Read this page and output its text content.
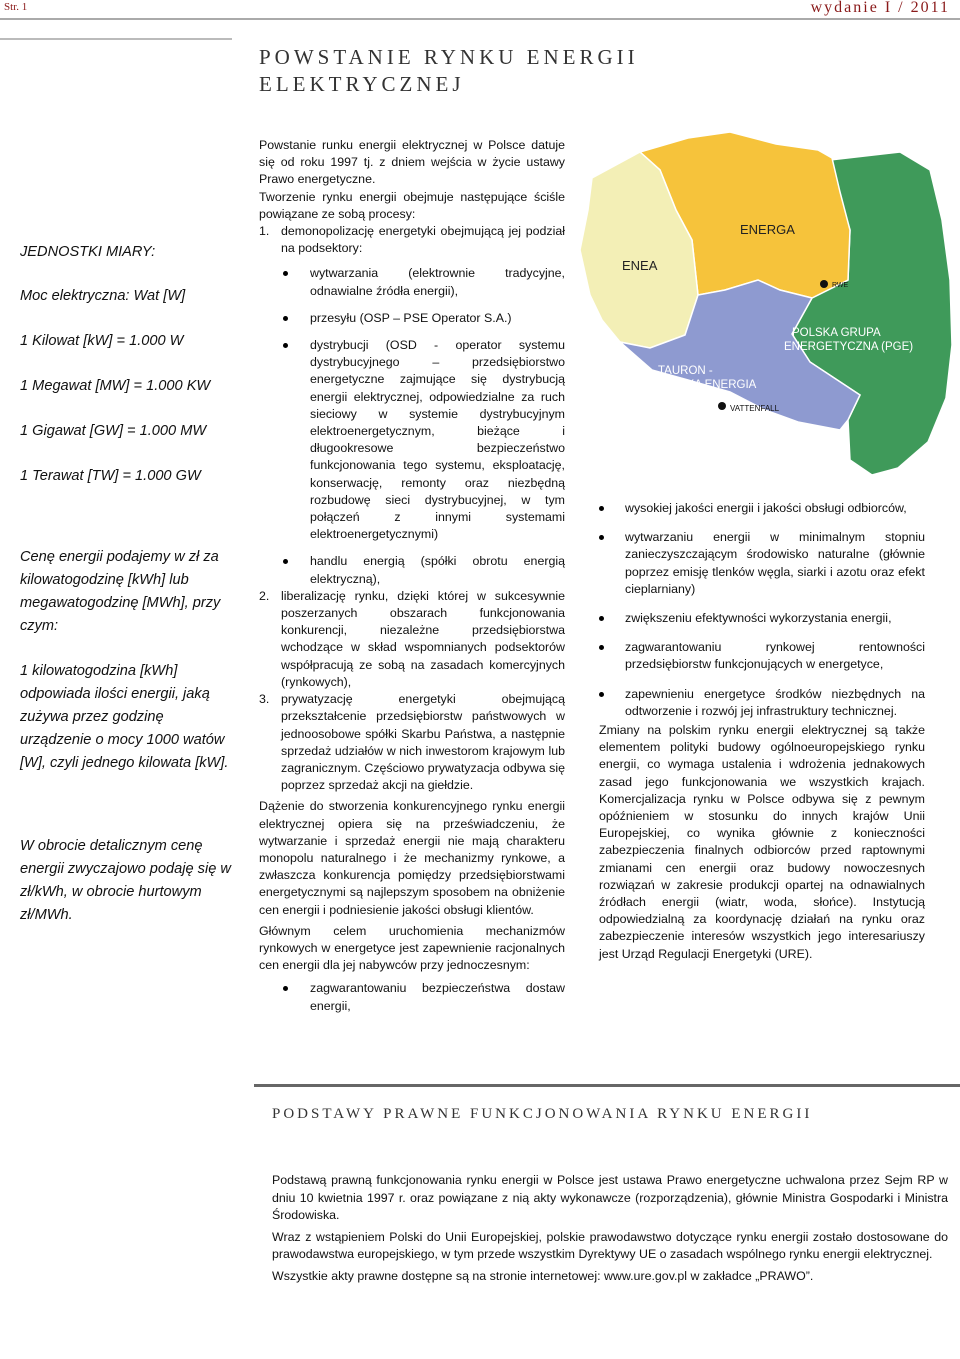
Str. 1	wydanie I / 2011
POWSTANIE RYNKU ENERGII ELEKTRYCZNEJ

JEDNOSTKI MIARY:

Moc elektryczna: Wat [W]

1 Kilowat [kW] = 1.000 W

1 Megawat [MW] = 1.000 KW

1 Gigawat [GW] = 1.000 MW

1 Terawat [TW] = 1.000 GW

Cenę energii podajemy w zł za kilowatogodzinę [kWh] lub megawatogodzinę [MWh], przy czym:

1 kilowatogodzina [kWh] odpowiada ilości energii, jaką zużywa przez godzinę urządzenie o mocy 1000 watów [W], czyli jednego kilowata [kW].

W obrocie detalicznym cenę energii zwyczajowo podaję się w zł/kWh, w obrocie hurtowym zł/MWh.

Powstanie runku energii elektrycznej w Polsce datuje się od roku 1997 tj. z dniem wejścia w życie ustawy Prawo energetyczne.

Tworzenie rynku energii obejmuje następujące ściśle powiązane ze sobą procesy:

1. demonopolizację energetyki obejmującą jej podział na podsektory:
wytwarzania (elektrownie tradycyjne, odnawialne źródła energii),
przesyłu (OSP – PSE Operator S.A.)
dystrybucji (OSD - operator systemu dystrybucyjnego – przedsiębiorstwo energetyczne zajmujące się dystrybucją energii elektrycznej, odpowiedzialne za ruch sieciowy w systemie dystrybucyjnym elektroenergetycznym, bieżące i długookresowe bezpieczeństwo funkcjonowania tego systemu, eksploatację, konserwację, remonty oraz niezbędną rozbudowę sieci dystrybucyjnej, w tym połączeń z innymi systemami elektroenergetycznymi)
handlu energią (spółki obrotu energią elektryczną),
2. liberalizację rynku, dzięki której w sukcesywnie poszerzanych obszarach funkcjonowania konkurencji, niezależne przedsiębiorstwa wchodzące w skład wspomnianych podsektorów współpracują ze sobą na zasadach komercyjnych (rynkowych),
3. prywatyzację energetyki obejmującą przekształcenie przedsiębiorstw państwowych w jednoosobowe spółki Skarbu Państwa, a następnie sprzedaż udziałów w nich inwestorom krajowym lub zagranicznym. Częściowo prywatyzacja odbywa się poprzez sprzedaż akcji na giełdzie.

Dążenie do stworzenia konkurencyjnego rynku energii elektrycznej opiera się na przeświadczeniu, że wytwarzanie i sprzedaż energii nie mają charakteru monopolu naturalnego i że mechanizmy rynkowe, a zwłaszcza konkurencja pomiędzy przedsiębiorstwami energetycznymi są najlepszym sposobem na obniżenie cen energii i podniesienie jakości obsługi klientów.

Głównym celem uruchomienia mechanizmów rynkowych w energetyce jest zapewnienie racjonalnych cen energii dla jej nabywców przy jednoczesnym:

zagwarantowaniu bezpieczeństwa dostaw energii,
ENEA
ENERGA
POLSKA GRUPA ENERGETYCZNA (PGE)
TAURON -POLSKA ENERGIA
RWE
VATTENFALL
wysokiej jakości energii i jakości obsługi odbiorców,
wytwarzaniu energii w minimalnym stopniu zanieczyszczającym środowisko naturalne (głównie poprzez emisję tlenków węgla, siarki i azotu oraz efekt cieplarniany)
zwiększeniu efektywności wykorzystania energii,
zagwarantowaniu rynkowej rentowności przedsiębiorstw funkcjonujących w energetyce,
zapewnieniu energetyce środków niezbędnych na odtworzenie i rozwój jej infrastruktury technicznej.

Zmiany na polskim rynku energii elektrycznej są także elementem polityki budowy ogólnoeuropejskiego rynku energii, co wymaga ustalenia i wdrożenia jednakowych zasad jego funkcjonowania we wszystkich krajach. Komercjalizacja rynku w Polsce odbywa się z pewnym opóźnieniem w stosunku do innych krajów Unii Europejskiej, co wynika głównie z konieczności zabezpieczenia finalnych odbiorców przed raptownymi zmianami cen energii oraz budowy nowoczesnych rozwiązań w zakresie produkcji opartej na odnawialnych źródłach energii (wiatr, woda, słońce). Instytucją odpowiedzialną za koordynację działań na rynku oraz zabezpieczenie interesów wszystkich jego interesariuszy jest Urząd Regulacji Energetyki (URE).

PODSTAWY PRAWNE FUNKCJONOWANIA RYNKU ENERGII

Podstawą prawną funkcjonowania rynku energii w Polsce jest ustawa Prawo energetyczne uchwalona przez Sejm RP w dniu 10 kwietnia 1997 r. oraz powiązane z nią akty wykonawcze (rozporządzenia), głównie Ministra Gospodarki i Ministra Środowiska.

Wraz z wstąpieniem Polski do Unii Europejskiej, polskie prawodawstwo dotyczące rynku energii zostało dostosowane do prawodawstwa europejskiego, w tym przede wszystkim Dyrektywy UE o zasadach wspólnego rynku energii elektrycznej.

Wszystkie akty prawne dostępne są na stronie internetowej: www.ure.gov.pl w zakładce „PRAWO”.
